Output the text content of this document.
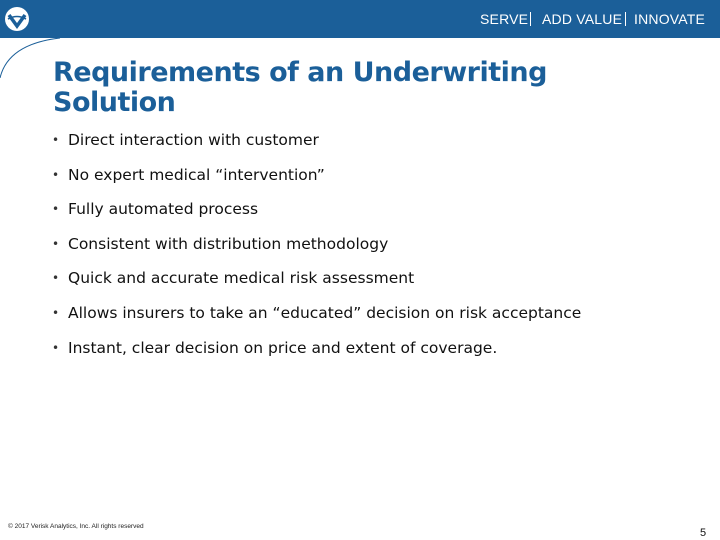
SERVE ADD VALUE INNOVATE
Requirements of an Underwriting Solution
• Direct interaction with customer
• No expert medical “intervention”
• Fully automated process
• Consistent with distribution methodology
• Quick and accurate medical risk assessment
• Allows insurers to take an “educated” decision on risk acceptance
• Instant, clear decision on price and extent of coverage.
© 2017 Verisk Analytics, Inc. All rights reserved
5
